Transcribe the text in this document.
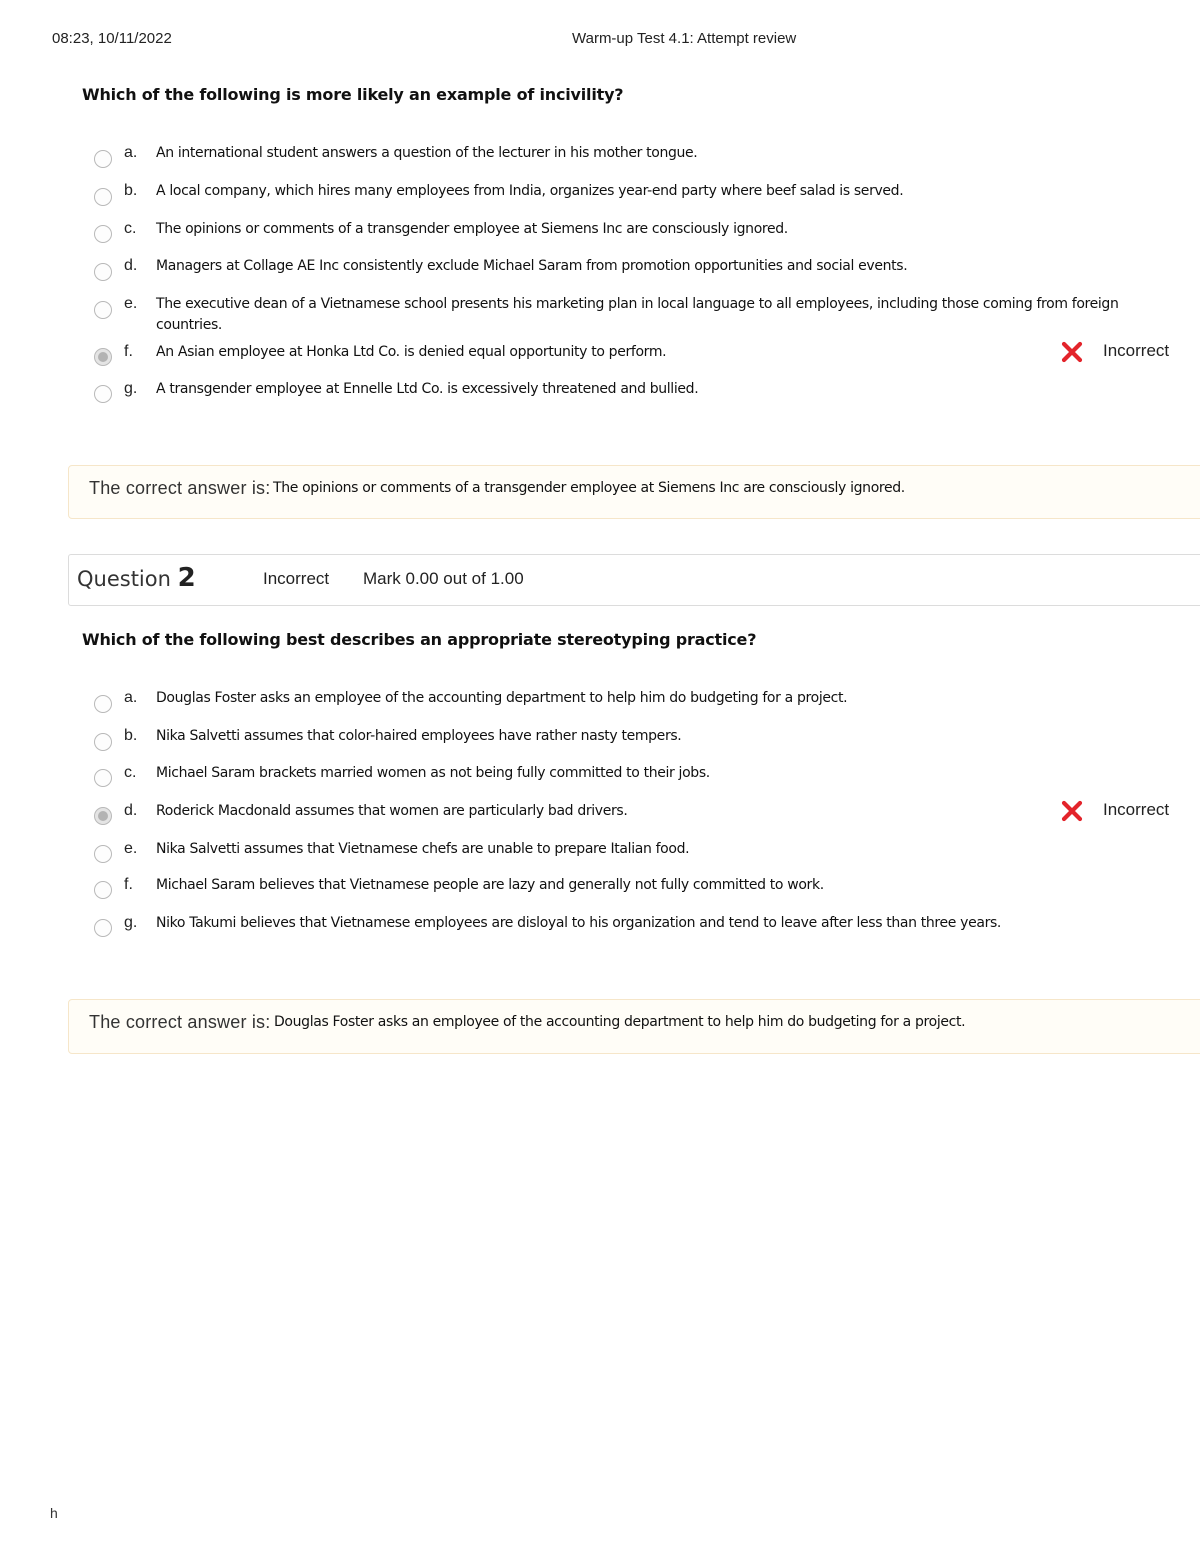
08:23, 10/11/2022	Warm-up Test 4.1: Attempt review
Which of the following is more likely an example of incivility?
a. An international student answers a question of the lecturer in his mother tongue.
b. A local company, which hires many employees from India, organizes year-end party where beef salad is served.
c. The opinions or comments of a transgender employee at Siemens Inc are consciously ignored.
d. Managers at Collage AE Inc consistently exclude Michael Saram from promotion opportunities and social events.
e. The executive dean of a Vietnamese school presents his marketing plan in local language to all employees, including those coming from foreign countries.
f. An Asian employee at Honka Ltd Co. is denied equal opportunity to perform.
g. A transgender employee at Ennelle Ltd Co. is excessively threatened and bullied.
Incorrect
The correct answer is: The opinions or comments of a transgender employee at Siemens Inc are consciously ignored.
Question 2	Incorrect Mark 0.00 out of 1.00
Which of the following best describes an appropriate stereotyping practice?
a. Douglas Foster asks an employee of the accounting department to help him do budgeting for a project.
b. Nika Salvetti assumes that color-haired employees have rather nasty tempers.
c. Michael Saram brackets married women as not being fully committed to their jobs.
d. Roderick Macdonald assumes that women are particularly bad drivers.
e. Nika Salvetti assumes that Vietnamese chefs are unable to prepare Italian food.
f. Michael Saram believes that Vietnamese people are lazy and generally not fully committed to work.
g. Niko Takumi believes that Vietnamese employees are disloyal to his organization and tend to leave after less than three years.
Incorrect
The correct answer is: Douglas Foster asks an employee of the accounting department to help him do budgeting for a project.
h
